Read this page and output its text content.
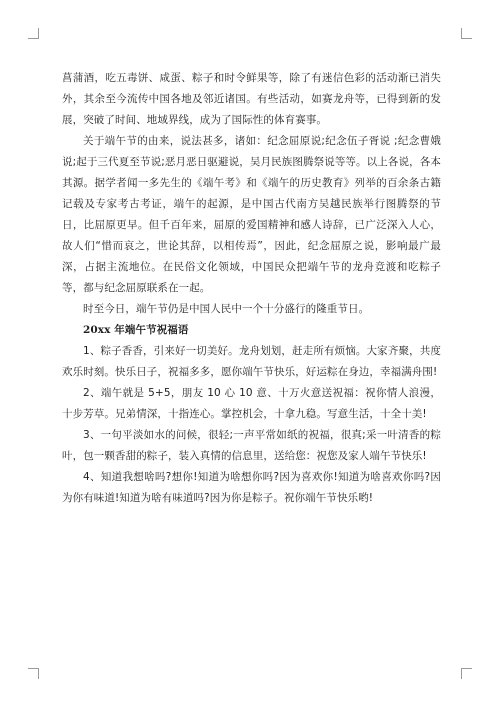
菖蒲酒，吃五毒饼、咸蛋、粽子和时令鲜果等，除了有迷信色彩的活动渐已消失外，其余至今流传中国各地及邻近诸国。有些活动，如赛龙舟等，已得到新的发展，突破了时间、地域界线，成为了国际性的体育赛事。

关于端午节的由来，说法甚多，诸如：纪念屈原说;纪念伍子胥说 ;纪念曹娥说;起于三代夏至节说;恶月恶日驱避说，吴月民族图腾祭说等等。以上各说，各本其源。据学者闻一多先生的《端午考》和《端午的历史教育》列举的百余条古籍记载及专家考古考证，端午的起源，是中国古代南方吴越民族举行图腾祭的节日，比屈原更早。但千百年来，屈原的爱国精神和感人诗辞，已广泛深入人心，故人们“惜而哀之，世论其辞，以相传焉”，因此，纪念屈原之说，影响最广最深，占据主流地位。在民俗文化领域，中国民众把端午节的龙舟竞渡和吃粽子等，都与纪念屈原联系在一起。

时至今日，端午节仍是中国人民中一个十分盛行的隆重节日。

20xx 年端午节祝福语

1、粽子香香，引来好一切美好。龙舟划划，赶走所有烦恼。大家齐聚，共度欢乐时刻。快乐日子，祝福多多，愿你端午节快乐，好运粽在身边，幸福满舟围!

2、端午就是 5+5，朋友 10 心 10 意、十万火意送祝福：祝你情人浪漫，十步芳草。兄弟情深，十指连心。掌控机会，十拿九稳。写意生活，十全十美!

3、一句平淡如水的问候，很轻;一声平常如纸的祝福，很真;采一叶清香的粽叶，包一颗香甜的粽子，装入真情的信息里，送给您：祝您及家人端午节快乐!

4、知道我想啥吗?想你!知道为啥想你吗?因为喜欢你!知道为啥喜欢你吗?因为你有味道!知道为啥有味道吗?因为你是粽子。祝你端午节快乐哟!
